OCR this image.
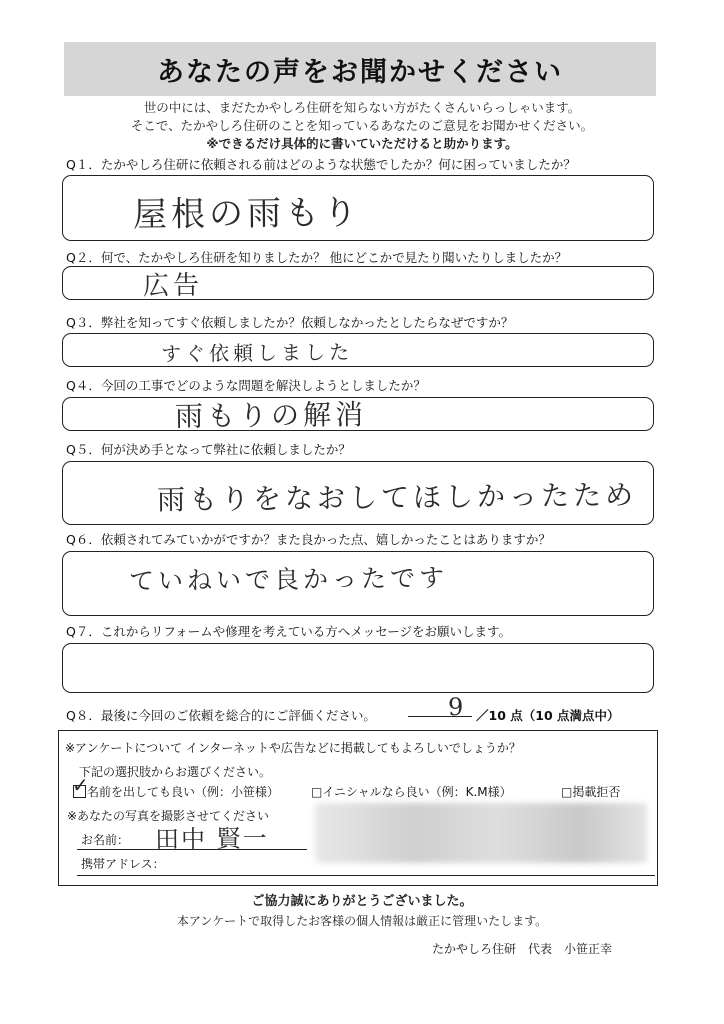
あなたの声をお聞かせください
世の中には、まだたかやしろ住研を知らない方がたくさんいらっしゃいます。
そこで、たかやしろ住研のことを知っているあなたのご意見をお聞かせください。
※できるだけ具体的に書いていただけると助かります。
Q１．たかやしろ住研に依頼される前はどのような状態でしたか？何に困っていましたか？
屋根の雨もり
Q２．何で、たかやしろ住研を知りましたか？ 他にどこかで見たり聞いたりしましたか？
広告
Q３．弊社を知ってすぐ依頼しましたか？依頼しなかったとしたらなぜですか？
すぐ依頼しました
Q４．今回の工事でどのような問題を解決しようとしましたか？
雨もりの解消
Q５．何が決め手となって弊社に依頼しましたか？
雨もりをなおしてほしかったため
Q６．依頼されてみていかがですか？また良かった点、嬉しかったことはありますか？
ていねいで良かったです
Q７．これからリフォームや修理を考えている方へメッセージをお願いします。
Q８．最後に今回のご依頼を総合的にご評価ください。	9 ／10 点（10 点満点中）
※アンケートについて インターネットや広告などに掲載してもよろしいでしょうか？
下記の選択肢からお選びください。
✓
名前を出しても良い（例：小笹様）	□イニシャルなら良い（例：K.M様）	□掲載拒否
※あなたの写真を撮影させてください
お名前： 田中 賢一
携帯アドレス：
ご協力誠にありがとうございました。
本アンケートで取得したお客様の個人情報は厳正に管理いたします。
たかやしろ住研　代表　小笹正幸
